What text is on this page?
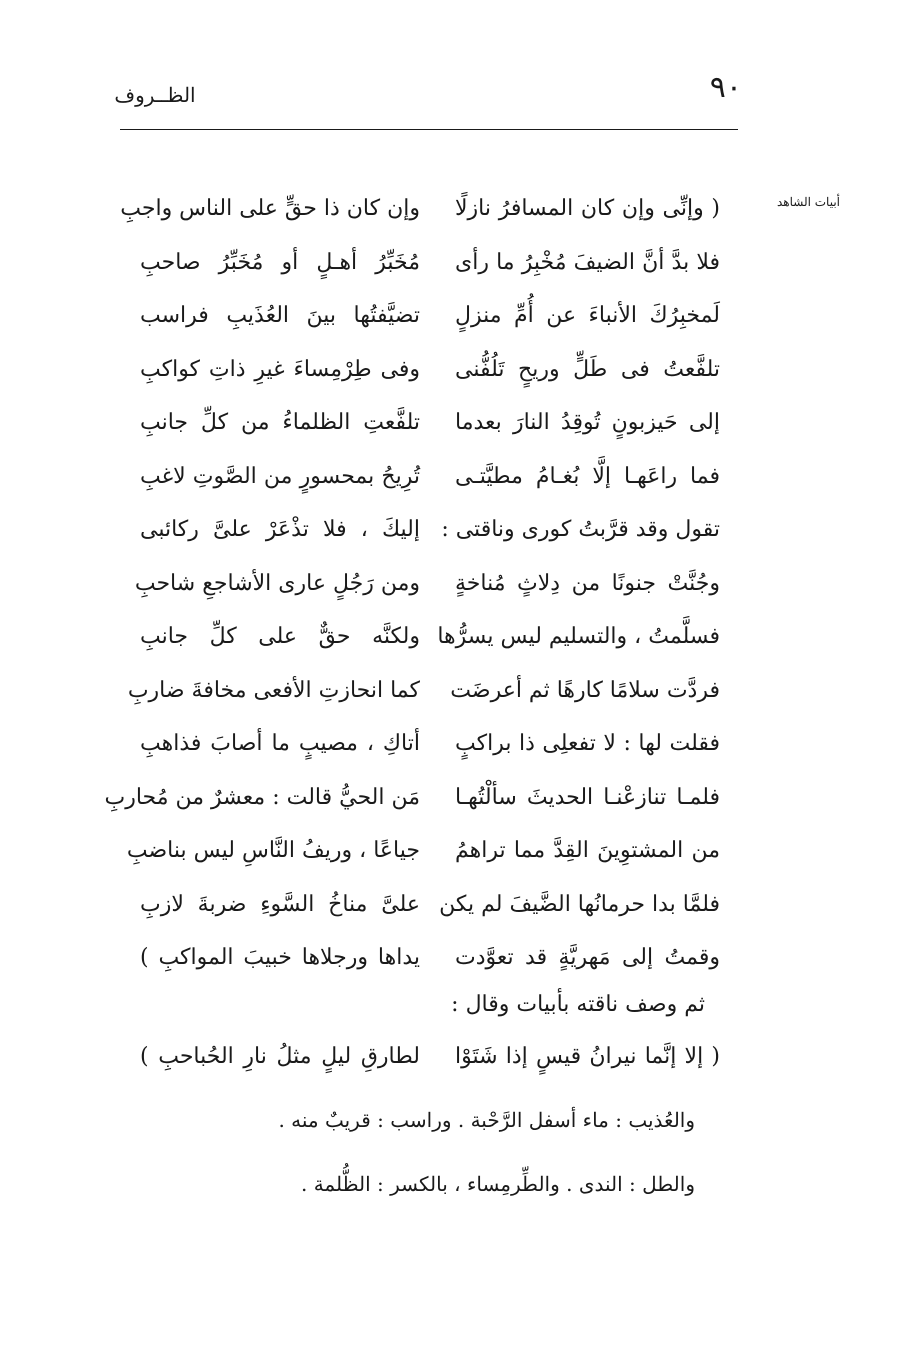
٩٠
الظــروف
أبيات الشاهد
( وإنِّى وإن كان المسافرُ نازلًا
وإن كان ذا حقٍّ على الناس واجبِ
فلا بدَّ أنَّ الضيفَ مُخْبِرُ ما رأى
مُخَبِّرُ أهـلٍ أو مُخَبِّرُ صاحبِ
لَمخبِرُكَ الأنباءَ عن أُمِّ منزلٍ
تضيَّفتُها بينَ العُذَيبِ فراسب
تلفَّعتُ فى طَلٍّ وريحٍ تَلُفُّنى
وفى طِرْمِساءَ غيرِ ذاتِ كواكبِ
إلى حَيزبونٍ تُوقِدُ النارَ بعدما
تلفَّعتِ الظلماءُ من كلِّ جانبِ
فما راعَهـا إلَّا بُغـامُ مطيَّتـى
تُرِيحُ بمحسورٍ من الصَّوتِ لاغبِ
تقول وقد قرَّبتُ كورى وناقتى :
إليكَ ، فلا تذْعَرْ علىَّ ركائبى
وجُنَّتْ جنونًا من دِلاثٍ مُناخةٍ
ومن رَجُلٍ عارى الأشاجعِ شاحبِ
فسلَّمتُ ، والتسليم ليس يسرُّها
ولكنَّه حقٌّ على كلِّ جانبِ
فردَّت سلامًا كارهًا ثم أعرضَت
كما انحازتِ الأفعى مخافةَ ضاربِ
فقلت لها : لا تفعلِى ذا براكبٍ
أتاكِ ، مصيبٍ ما أصابَ فذاهبِ
فلمـا تنازعْنـا الحديثَ سألْتُهـا
مَن الحيُّ قالت : معشرٌ من مُحاربِ
من المشتوِينَ القِدَّ مما تراهمُ
جياعًا ، وريفُ النَّاسِ ليس بناضبِ
فلمَّا بدا حرمانُها الضَّيفَ لم يكن
علىَّ مناخُ السَّوءِ ضربةَ لازبِ
وقمتُ إلى مَهريَّةٍ قد تعوَّدت
يداها ورجلاها خبيبَ المواكبِ )
ثم وصف ناقته بأبيات وقال :
( إلا إنَّما نيرانُ قيسٍ إذا شَتَوْا
لطارقِ ليلٍ مثلُ نارِ الحُباحبِ )
والعُذيب : ماء أسفل الرَّحْبة . وراسب : قريبٌ منه .
والطل : الندى . والطِّرمِساء ، بالكسر : الظُّلمة .
